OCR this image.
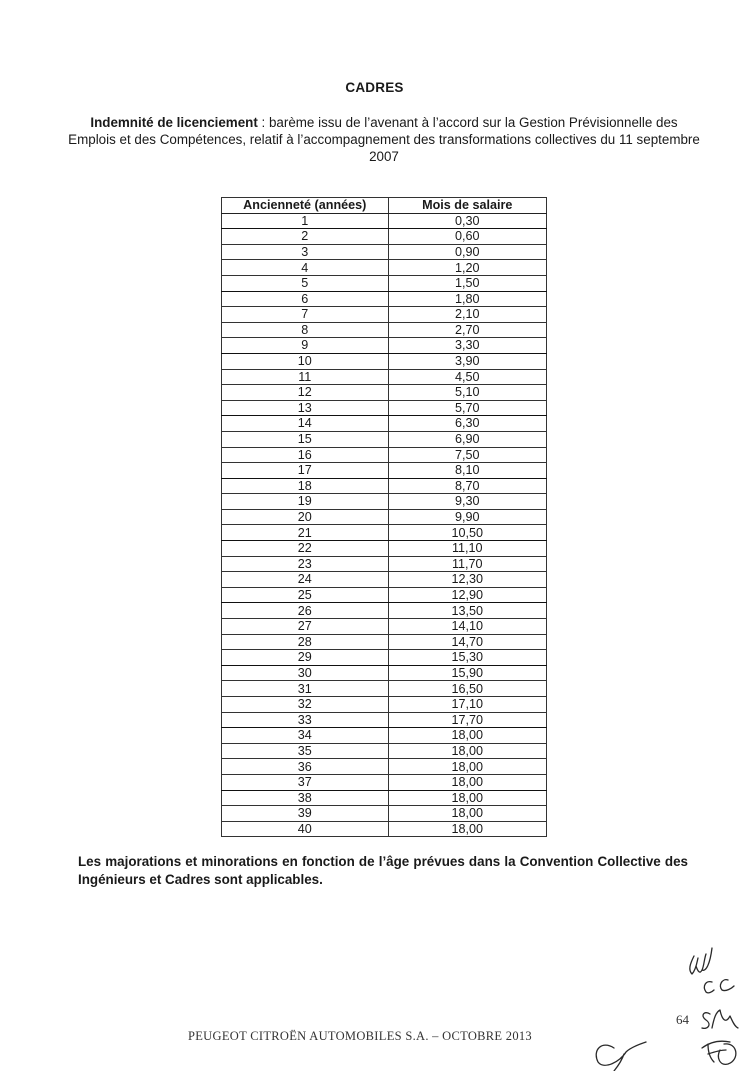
CADRES
Indemnité de licenciement : barème issu de l’avenant à l’accord sur la Gestion Prévisionnelle des Emplois et des Compétences, relatif à l’accompagnement des transformations collectives du 11 septembre 2007
Ancienneté (années)	Mois de salaire
1	0,30
2	0,60
3	0,90
4	1,20
5	1,50
6	1,80
7	2,10
8	2,70
9	3,30
10	3,90
11	4,50
12	5,10
13	5,70
14	6,30
15	6,90
16	7,50
17	8,10
18	8,70
19	9,30
20	9,90
21	10,50
22	11,10
23	11,70
24	12,30
25	12,90
26	13,50
27	14,10
28	14,70
29	15,30
30	15,90
31	16,50
32	17,10
33	17,70
34	18,00
35	18,00
36	18,00
37	18,00
38	18,00
39	18,00
40	18,00
Les majorations et minorations en fonction de l’âge prévues dans la Convention Collective des Ingénieurs et Cadres sont applicables.
PEUGEOT CITROËN AUTOMOBILES S.A. – OCTOBRE 2013
64
